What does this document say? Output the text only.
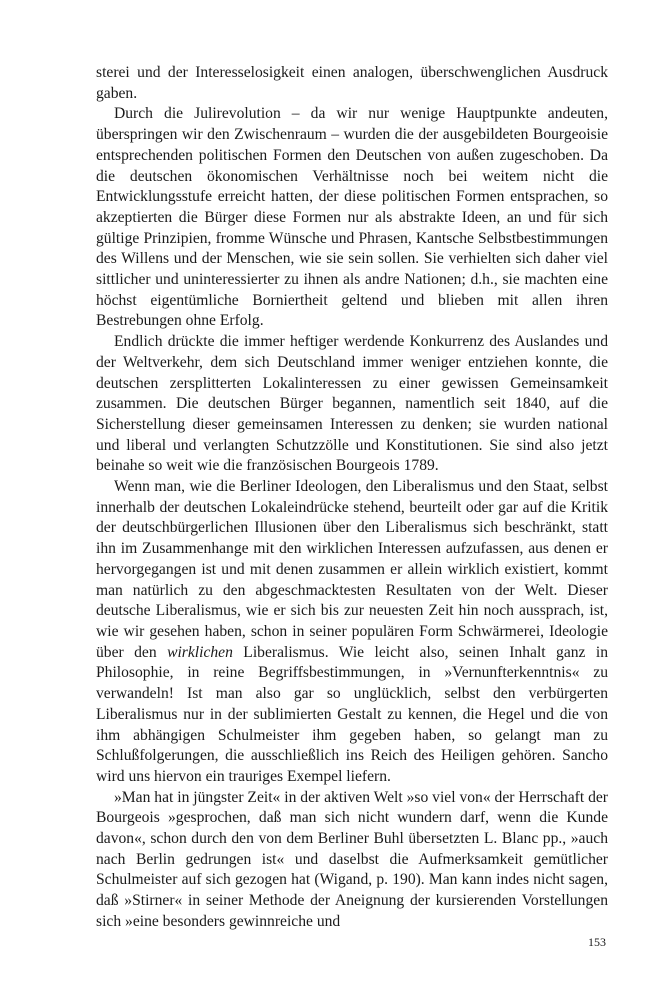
sterei und der Interesselosigkeit einen analogen, überschwenglichen Ausdruck gaben.

Durch die Julirevolution – da wir nur wenige Hauptpunkte andeuten, überspringen wir den Zwischenraum – wurden die der ausgebildeten Bourgeoisie entsprechenden politischen Formen den Deutschen von außen zugeschoben. Da die deutschen ökonomischen Verhältnisse noch bei weitem nicht die Entwicklungsstufe erreicht hatten, der diese politischen Formen entsprachen, so akzeptierten die Bürger diese Formen nur als abstrakte Ideen, an und für sich gültige Prinzipien, fromme Wünsche und Phrasen, Kantsche Selbstbestimmungen des Willens und der Menschen, wie sie sein sollen. Sie verhielten sich daher viel sittlicher und uninteressierter zu ihnen als andre Nationen; d.h., sie machten eine höchst eigentümliche Borniertheit geltend und blieben mit allen ihren Bestrebungen ohne Erfolg.

Endlich drückte die immer heftiger werdende Konkurrenz des Auslandes und der Weltverkehr, dem sich Deutschland immer weniger entziehen konnte, die deutschen zersplitterten Lokalinteressen zu einer gewissen Gemeinsamkeit zusammen. Die deutschen Bürger begannen, namentlich seit 1840, auf die Sicherstellung dieser gemeinsamen Interessen zu denken; sie wurden national und liberal und verlangten Schutzzölle und Konstitutionen. Sie sind also jetzt beinahe so weit wie die französischen Bourgeois 1789.

Wenn man, wie die Berliner Ideologen, den Liberalismus und den Staat, selbst innerhalb der deutschen Lokaleindrücke stehend, beurteilt oder gar auf die Kritik der deutschbürgerlichen Illusionen über den Liberalismus sich beschränkt, statt ihn im Zusammenhange mit den wirklichen Interessen aufzufassen, aus denen er hervorgegangen ist und mit denen zusammen er allein wirklich existiert, kommt man natürlich zu den abgeschmacktesten Resultaten von der Welt. Dieser deutsche Liberalismus, wie er sich bis zur neuesten Zeit hin noch aussprach, ist, wie wir gesehen haben, schon in seiner populären Form Schwärmerei, Ideologie über den wirklichen Liberalismus. Wie leicht also, seinen Inhalt ganz in Philosophie, in reine Begriffsbestimmungen, in »Vernunfterkenntnis« zu verwandeln! Ist man also gar so unglücklich, selbst den verbürgerten Liberalismus nur in der sublimierten Gestalt zu kennen, die Hegel und die von ihm abhängigen Schulmeister ihm gegeben haben, so gelangt man zu Schlußfolgerungen, die ausschließlich ins Reich des Heiligen gehören. Sancho wird uns hiervon ein trauriges Exempel liefern.

»Man hat in jüngster Zeit« in der aktiven Welt »so viel von« der Herrschaft der Bourgeois »gesprochen, daß man sich nicht wundern darf, wenn die Kunde davon«, schon durch den von dem Berliner Buhl übersetzten L. Blanc pp., »auch nach Berlin gedrungen ist« und daselbst die Aufmerksamkeit gemütlicher Schulmeister auf sich gezogen hat (Wigand, p. 190). Man kann indes nicht sagen, daß »Stirner« in seiner Methode der Aneignung der kursierenden Vorstellungen sich »eine besonders gewinnreiche und

153
